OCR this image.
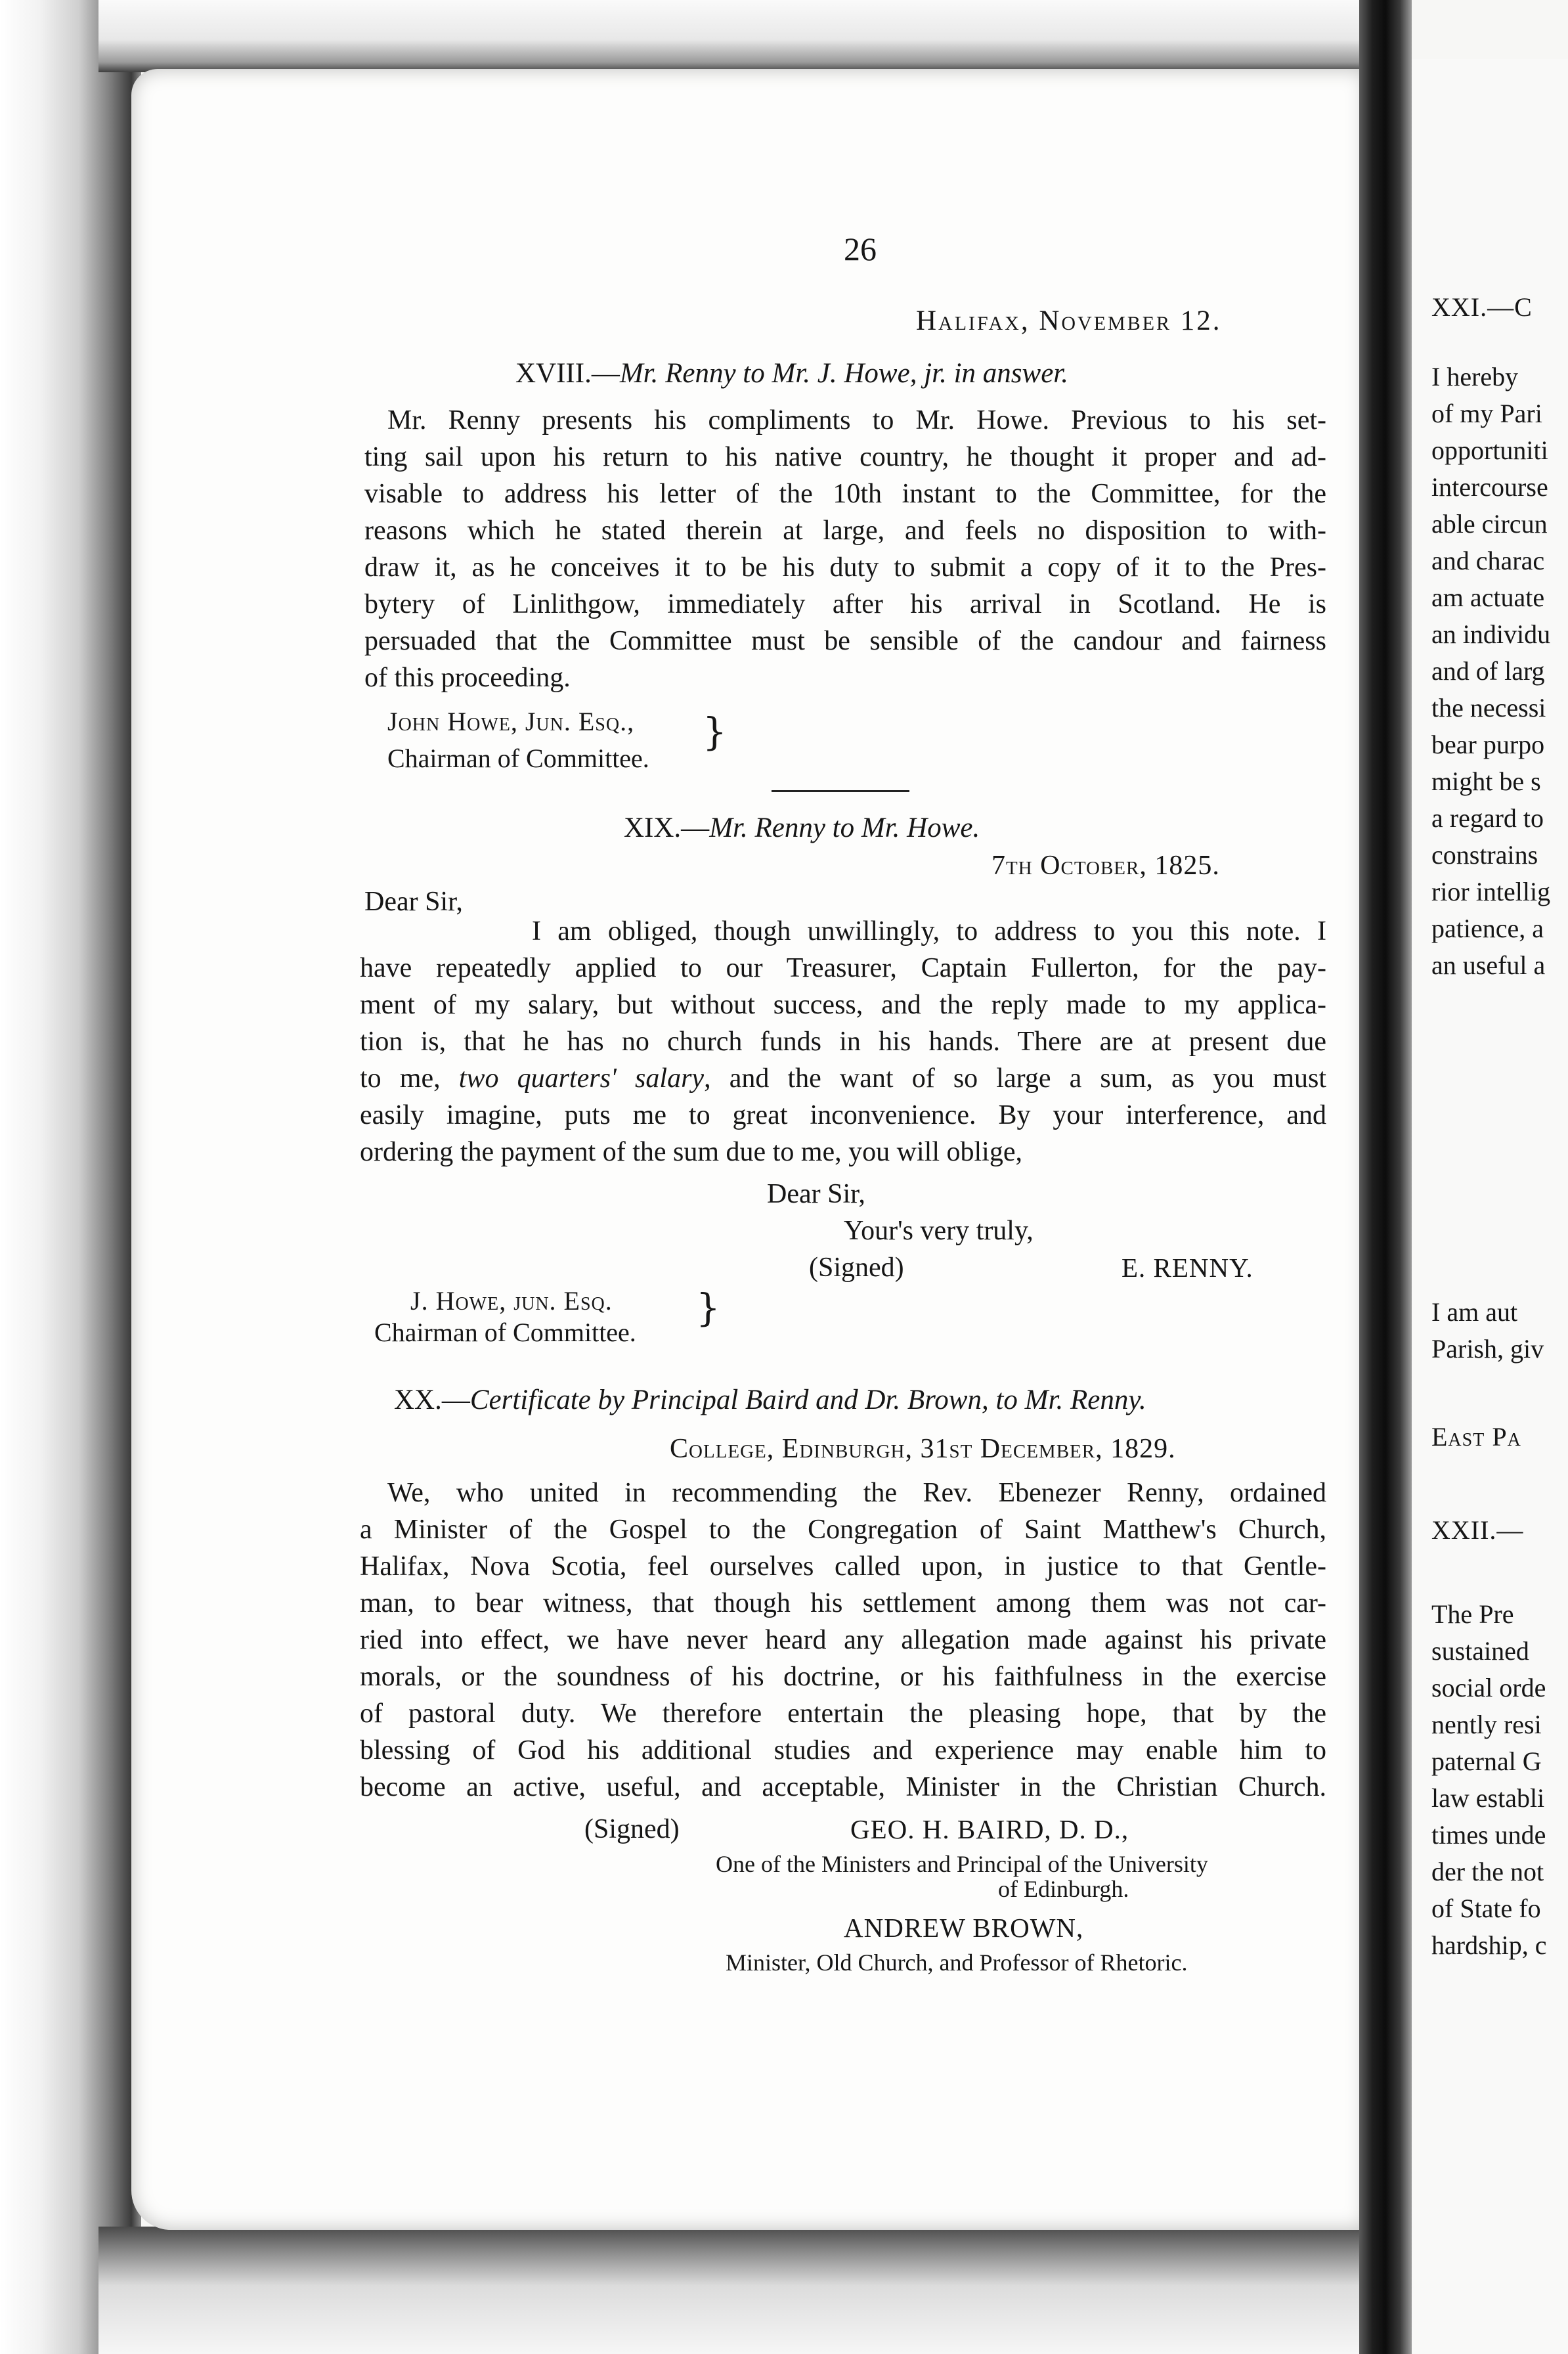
26
Halifax, November 12.
XVIII.—Mr. Renny to Mr. J. Howe, jr. in answer.
Mr. Renny presents his compliments to Mr. Howe. Previous to his set-
ting sail upon his return to his native country, he thought it proper and ad-
visable to address his letter of the 10th instant to the Committee, for the
reasons which he stated therein at large, and feels no disposition to with-
draw it, as he conceives it to be his duty to submit a copy of it to the Pres-
bytery of Linlithgow, immediately after his arrival in Scotland. He is
persuaded that the Committee must be sensible of the candour and fairness
of this proceeding.
John Howe, Jun. Esq.,
Chairman of Committee.
}
XIX.—Mr. Renny to Mr. Howe.
7th October, 1825.
Dear Sir,
I am obliged, though unwillingly, to address to you this note. I
have repeatedly applied to our Treasurer, Captain Fullerton, for the pay-
ment of my salary, but without success, and the reply made to my applica-
tion is, that he has no church funds in his hands. There are at present due
to me, two quarters' salary, and the want of so large a sum, as you must
easily imagine, puts me to great inconvenience. By your interference, and
ordering the payment of the sum due to me, you will oblige,
Dear Sir,
Your's very truly,
(Signed)	E. RENNY.
J. Howe, jun. Esq.
Chairman of Committee.
}
XX.—Certificate by Principal Baird and Dr. Brown, to Mr. Renny.
College, Edinburgh, 31st December, 1829.
We, who united in recommending the Rev. Ebenezer Renny, ordained
a Minister of the Gospel to the Congregation of Saint Matthew's Church,
Halifax, Nova Scotia, feel ourselves called upon, in justice to that Gentle-
man, to bear witness, that though his settlement among them was not car-
ried into effect, we have never heard any allegation made against his private
morals, or the soundness of his doctrine, or his faithfulness in the exercise
of pastoral duty. We therefore entertain the pleasing hope, that by the
blessing of God his additional studies and experience may enable him to
become an active, useful, and acceptable, Minister in the Christian Church.
(Signed)	GEO. H. BAIRD, D. D.,
One of the Ministers and Principal of the University
of Edinburgh.
ANDREW BROWN,
Minister, Old Church, and Professor of Rhetoric.
XXI.—C
I hereby
of my Pari
opportuniti
intercourse
able circun
and charac
am actuate
an individu
and of larg
the necessi
bear purpo
might be s
a regard to
constrains
rior intellig
patience, a
an useful a
I am aut
Parish, giv
East Pa
XXII.—
The Pre
sustained
social orde
nently resi
paternal G
law establi
times unde
der the not
of State fo
hardship, c
